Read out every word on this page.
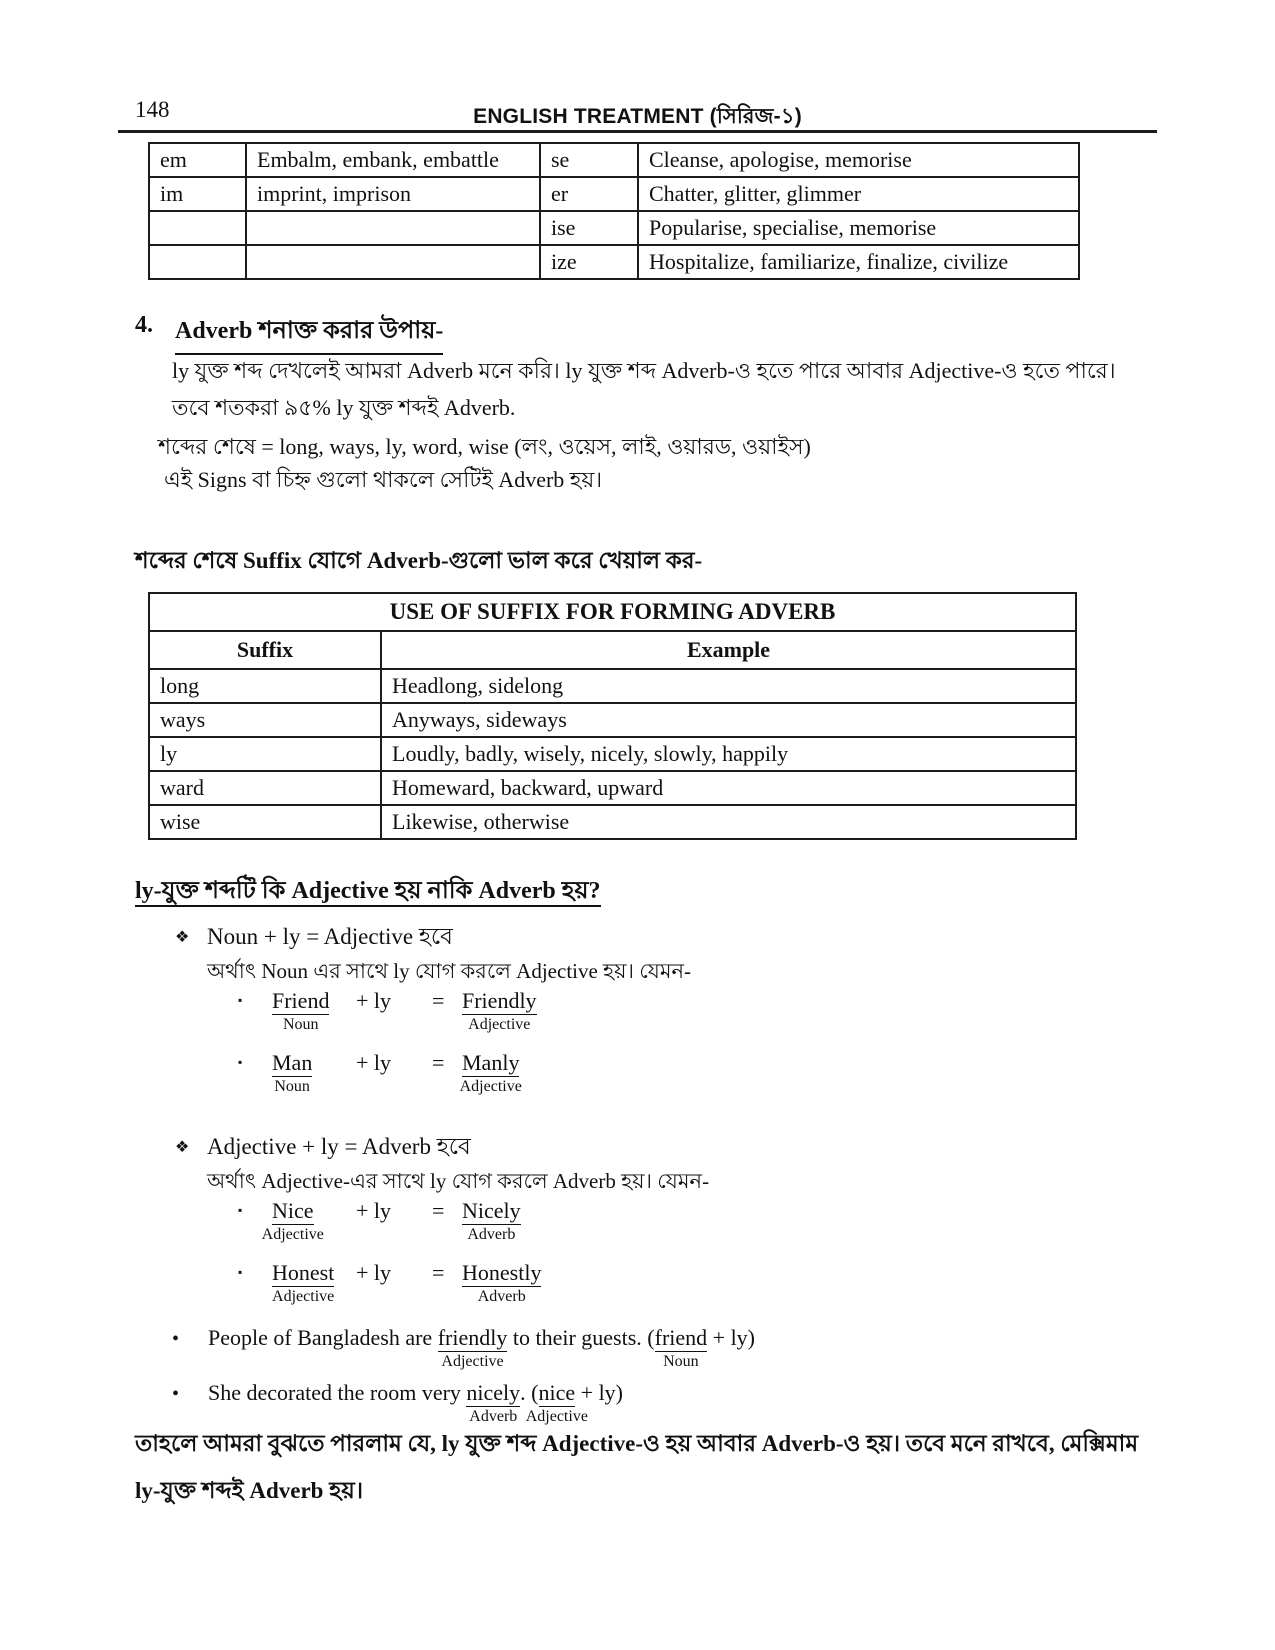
148	ENGLISH TREATMENT (সিরিজ-১)
em	Embalm, embank, embattle	se	Cleanse, apologise, memorise
im	imprint, imprison	er	Chatter, glitter, glimmer
		ise	Popularise, specialise, memorise
		ize	Hospitalize, familiarize, finalize, civilize
4. Adverb শনাক্ত করার উপায়-
ly যুক্ত শব্দ দেখলেই আমরা Adverb মনে করি। ly যুক্ত শব্দ Adverb-ও হতে পারে আবার Adjective-ও হতে পারে।
তবে শতকরা ৯৫% ly যুক্ত শব্দই Adverb.
শব্দের শেষে = long, ways, ly, word, wise (লং, ওয়েস, লাই, ওয়ারড, ওয়াইস)
এই Signs বা চিহ্ন গুলো থাকলে সেটিই Adverb হয়।
শব্দের শেষে Suffix যোগে Adverb-গুলো ভাল করে খেয়াল কর-
USE OF SUFFIX FOR FORMING ADVERB	
Suffix	Example
long	Headlong, sidelong
ways	Anyways, sideways
ly	Loudly, badly, wisely, nicely, slowly, happily
ward	Homeward, backward, upward
wise	Likewise, otherwise
ly-যুক্ত শব্দটি কি Adjective হয় নাকি Adverb হয়?
❖ Noun + ly = Adjective হবে
অর্থাৎ Noun এর সাথে ly যোগ করলে Adjective হয়। যেমন-
▪	Friend
Noun
+ ly	= Friendly
Adjective
▪	Man
Noun
+ ly	= Manly
Adjective
❖ Adjective + ly = Adverb হবে
অর্থাৎ Adjective-এর সাথে ly যোগ করলে Adverb হয়। যেমন-
▪	Nice
Adjective
+ ly	= Nicely
Adverb
▪	Honest
Adjective
+ ly	= Honestly
Adverb
•	People of Bangladesh are friendly
Adjective
to their guests. (friend
Noun
+ ly)
•	She decorated the room very nicely
Adverb
. (nice
Adjective
+ ly)
তাহলে আমরা বুঝতে পারলাম যে, ly যুক্ত শব্দ Adjective-ও হয় আবার Adverb-ও হয়। তবে মনে রাখবে, মেক্সিমাম ly-যুক্ত শব্দই Adverb হয়।
